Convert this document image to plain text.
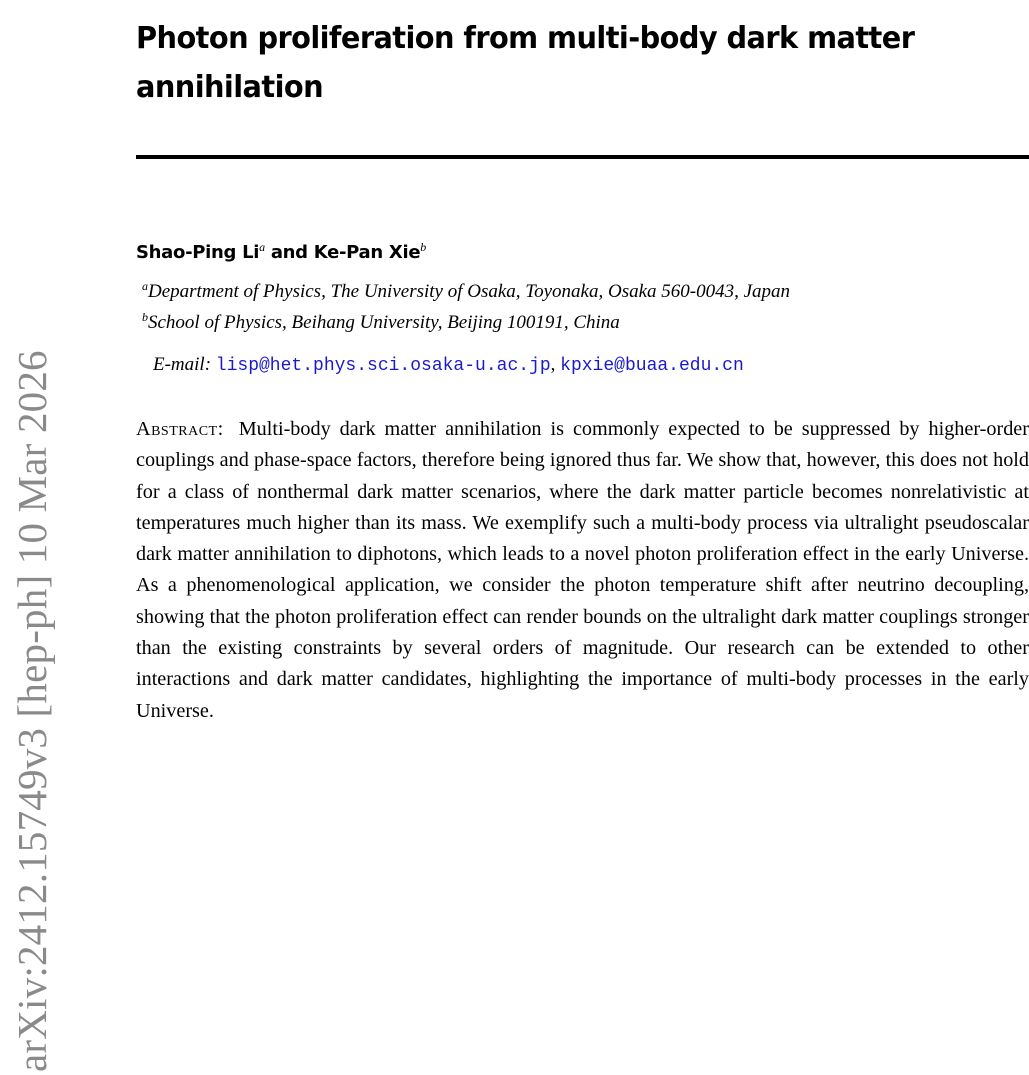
arXiv:2412.15749v3 [hep-ph] 10 Mar 2026
Photon proliferation from multi-body dark matter annihilation
Shao-Ping Li$^a$ and Ke-Pan Xie$^b$
$^a$Department of Physics, The University of Osaka, Toyonaka, Osaka 560-0043, Japan
$^b$School of Physics, Beihang University, Beijing 100191, China
E-mail: lisp@het.phys.sci.osaka-u.ac.jp, kpxie@buaa.edu.cn

Abstract: Multi-body dark matter annihilation is commonly expected to be suppressed by higher-order couplings and phase-space factors, therefore being ignored thus far. We show that, however, this does not hold for a class of nonthermal dark matter scenarios, where the dark matter particle becomes nonrelativistic at temperatures much higher than its mass. We exemplify such a multi-body process via ultralight pseudoscalar dark matter annihilation to diphotons, which leads to a novel photon proliferation effect in the early Universe. As a phenomenological application, we consider the photon temperature shift after neutrino decoupling, showing that the photon proliferation effect can render bounds on the ultralight dark matter couplings stronger than the existing constraints by several orders of magnitude. Our research can be extended to other interactions and dark matter candidates, highlighting the importance of multi-body processes in the early Universe.
